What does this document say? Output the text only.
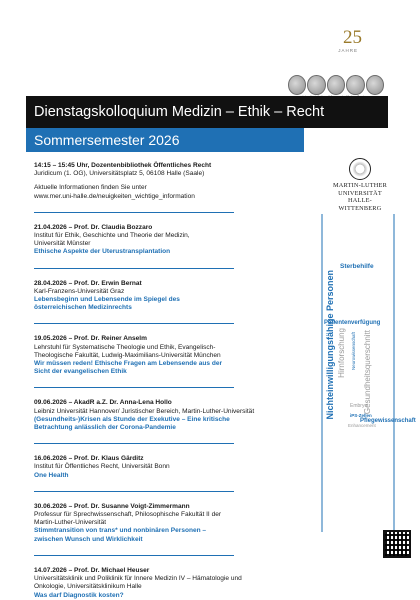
25
JAHRE
Dienstagskolloquium Medizin – Ethik – Recht
Sommersemester 2026
MARTIN-LUTHER
UNIVERSITÄT
HALLE-WITTENBERG

14:15 – 15:45 Uhr, Dozentenbibliothek Öffentliches Recht

Juridicum (1. OG), Universitätsplatz 5, 06108 Halle (Saale)

Aktuelle Informationen finden Sie unter

www.mer.uni-halle.de/neuigkeiten_wichtige_information

21.04.2026 – Prof. Dr. Claudia Bozzaro

Institut für Ethik, Geschichte und Theorie der Medizin,

Universität Münster

Ethische Aspekte der Uterustransplantation

28.04.2026 – Prof. Dr. Erwin Bernat

Karl-Franzens-Universität Graz

Lebensbeginn und Lebensende im Spiegel des

österreichischen Medizinrechts

19.05.2026 – Prof. Dr. Reiner Anselm

Lehrstuhl für Systematische Theologie und Ethik, Evangelisch-

Theologische Fakultät, Ludwig-Maximilians-Universität München

Wir müssen reden! Ethische Fragen am Lebensende aus der

Sicht der evangelischen Ethik

09.06.2026 – AkadR a.Z. Dr. Anna-Lena Hollo

Leibniz Universität Hannover/ Juristischer Bereich, Martin-Luther-Universität

(Gesundheits-)Krisen als Stunde der Exekutive – Eine kritische

Betrachtung anlässlich der Corona-Pandemie

16.06.2026 – Prof. Dr. Klaus Gärditz

Institut für Öffentliches Recht, Universität Bonn

One Health

30.06.2026 – Prof. Dr. Susanne Voigt-Zimmermann

Professur für Sprechwissenschaft, Philosophische Fakultät II der

Martin-Luther-Universität

Stimmtransition von trans* und nonbinären Personen –

zwischen Wunsch und Wirklichkeit

14.07.2026 – Prof. Dr. Michael Heuser

Universitätsklinik und Poliklinik für Innere Medizin IV – Hämatologie und

Onkologie, Universitätsklinikum Halle

Was darf Diagnostik kosten?

Sterbehilfe
Nichteinwilligungsfähige Personen
Patientenverfügung
Hirnforschung Gesundheitsquerschnitt
Neurowissenschaft
Embryo
iPS-Zellen
Enhancement
Pflegewissenschaft
